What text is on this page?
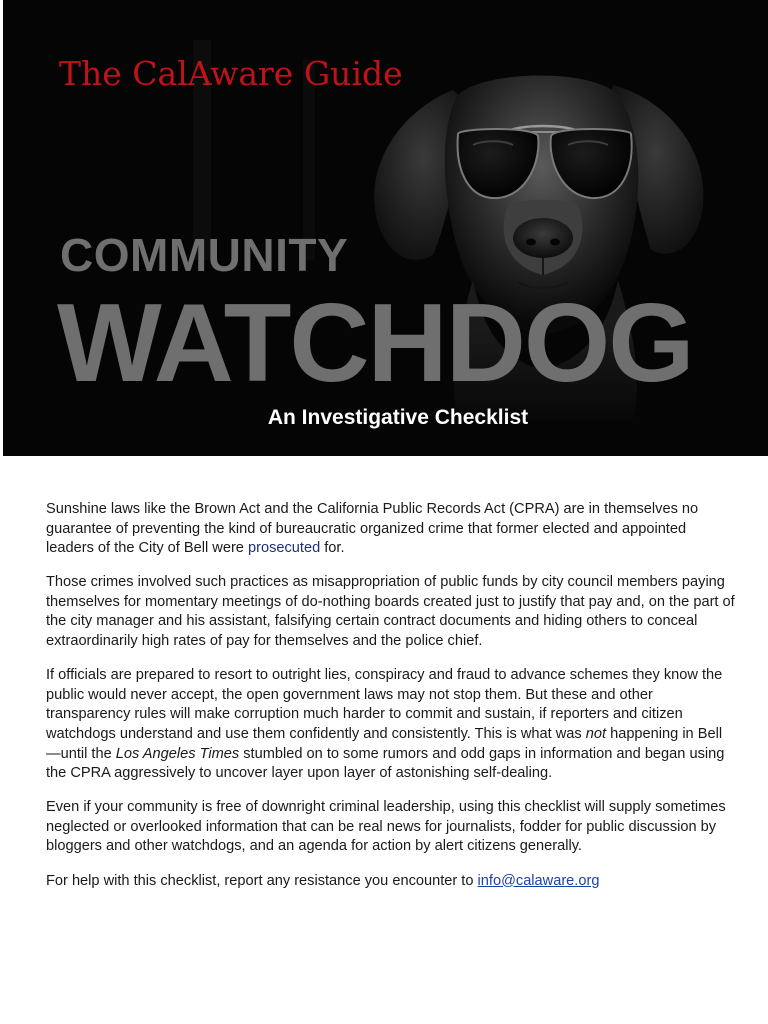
The CalAware Guide
COMMUNITY
WATCHDOG
An Investigative Checklist

Sunshine laws like the Brown Act and the California Public Records Act (CPRA) are in themselves no guarantee of preventing the kind of bureaucratic organized crime that former elected and appointed leaders of the City of Bell were prosecuted for.

Those crimes involved such practices as misappropriation of public funds by city council members paying themselves for momentary meetings of do-nothing boards created just to justify that pay and, on the part of the city manager and his assistant, falsifying certain contract documents and hiding others to conceal extraordinarily high rates of pay for themselves and the police chief.

If officials are prepared to resort to outright lies, conspiracy and fraud to advance schemes they know the public would never accept, the open government laws may not stop them. But these and other transparency rules will make corruption much harder to commit and sustain, if reporters and citizen watchdogs understand and use them confidently and consistently. This is what was not happening in Bell—until the Los Angeles Times stumbled on to some rumors and odd gaps in information and began using the CPRA aggressively to uncover layer upon layer of astonishing self-dealing.

Even if your community is free of downright criminal leadership, using this checklist will supply sometimes neglected or overlooked information that can be real news for journalists, fodder for public discussion by bloggers and other watchdogs, and an agenda for action by alert citizens generally.

For help with this checklist, report any resistance you encounter to info@calaware.org
